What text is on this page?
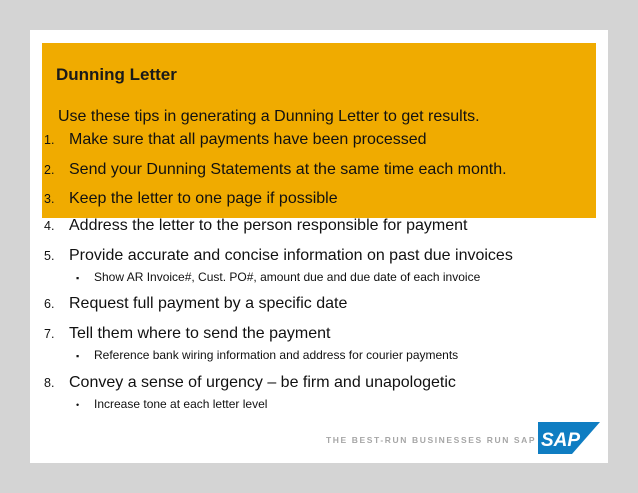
Dunning Letter
Use these tips in generating a Dunning Letter to get results.
1. Make sure that all payments have been processed
2. Send your Dunning Statements at the same time each month.
3. Keep the letter to one page if possible
4. Address the letter to the person responsible for payment
5. Provide accurate and concise information on past due invoices
▪ Show AR Invoice#, Cust. PO#, amount due and due date of each invoice
6. Request full payment by a specific date
7. Tell them where to send the payment
▪ Reference bank wiring information and address for courier payments
8. Convey a sense of urgency – be firm and unapologetic
• Increase tone at each letter level
THE BEST-RUN BUSINESSES RUN SAP SAP
